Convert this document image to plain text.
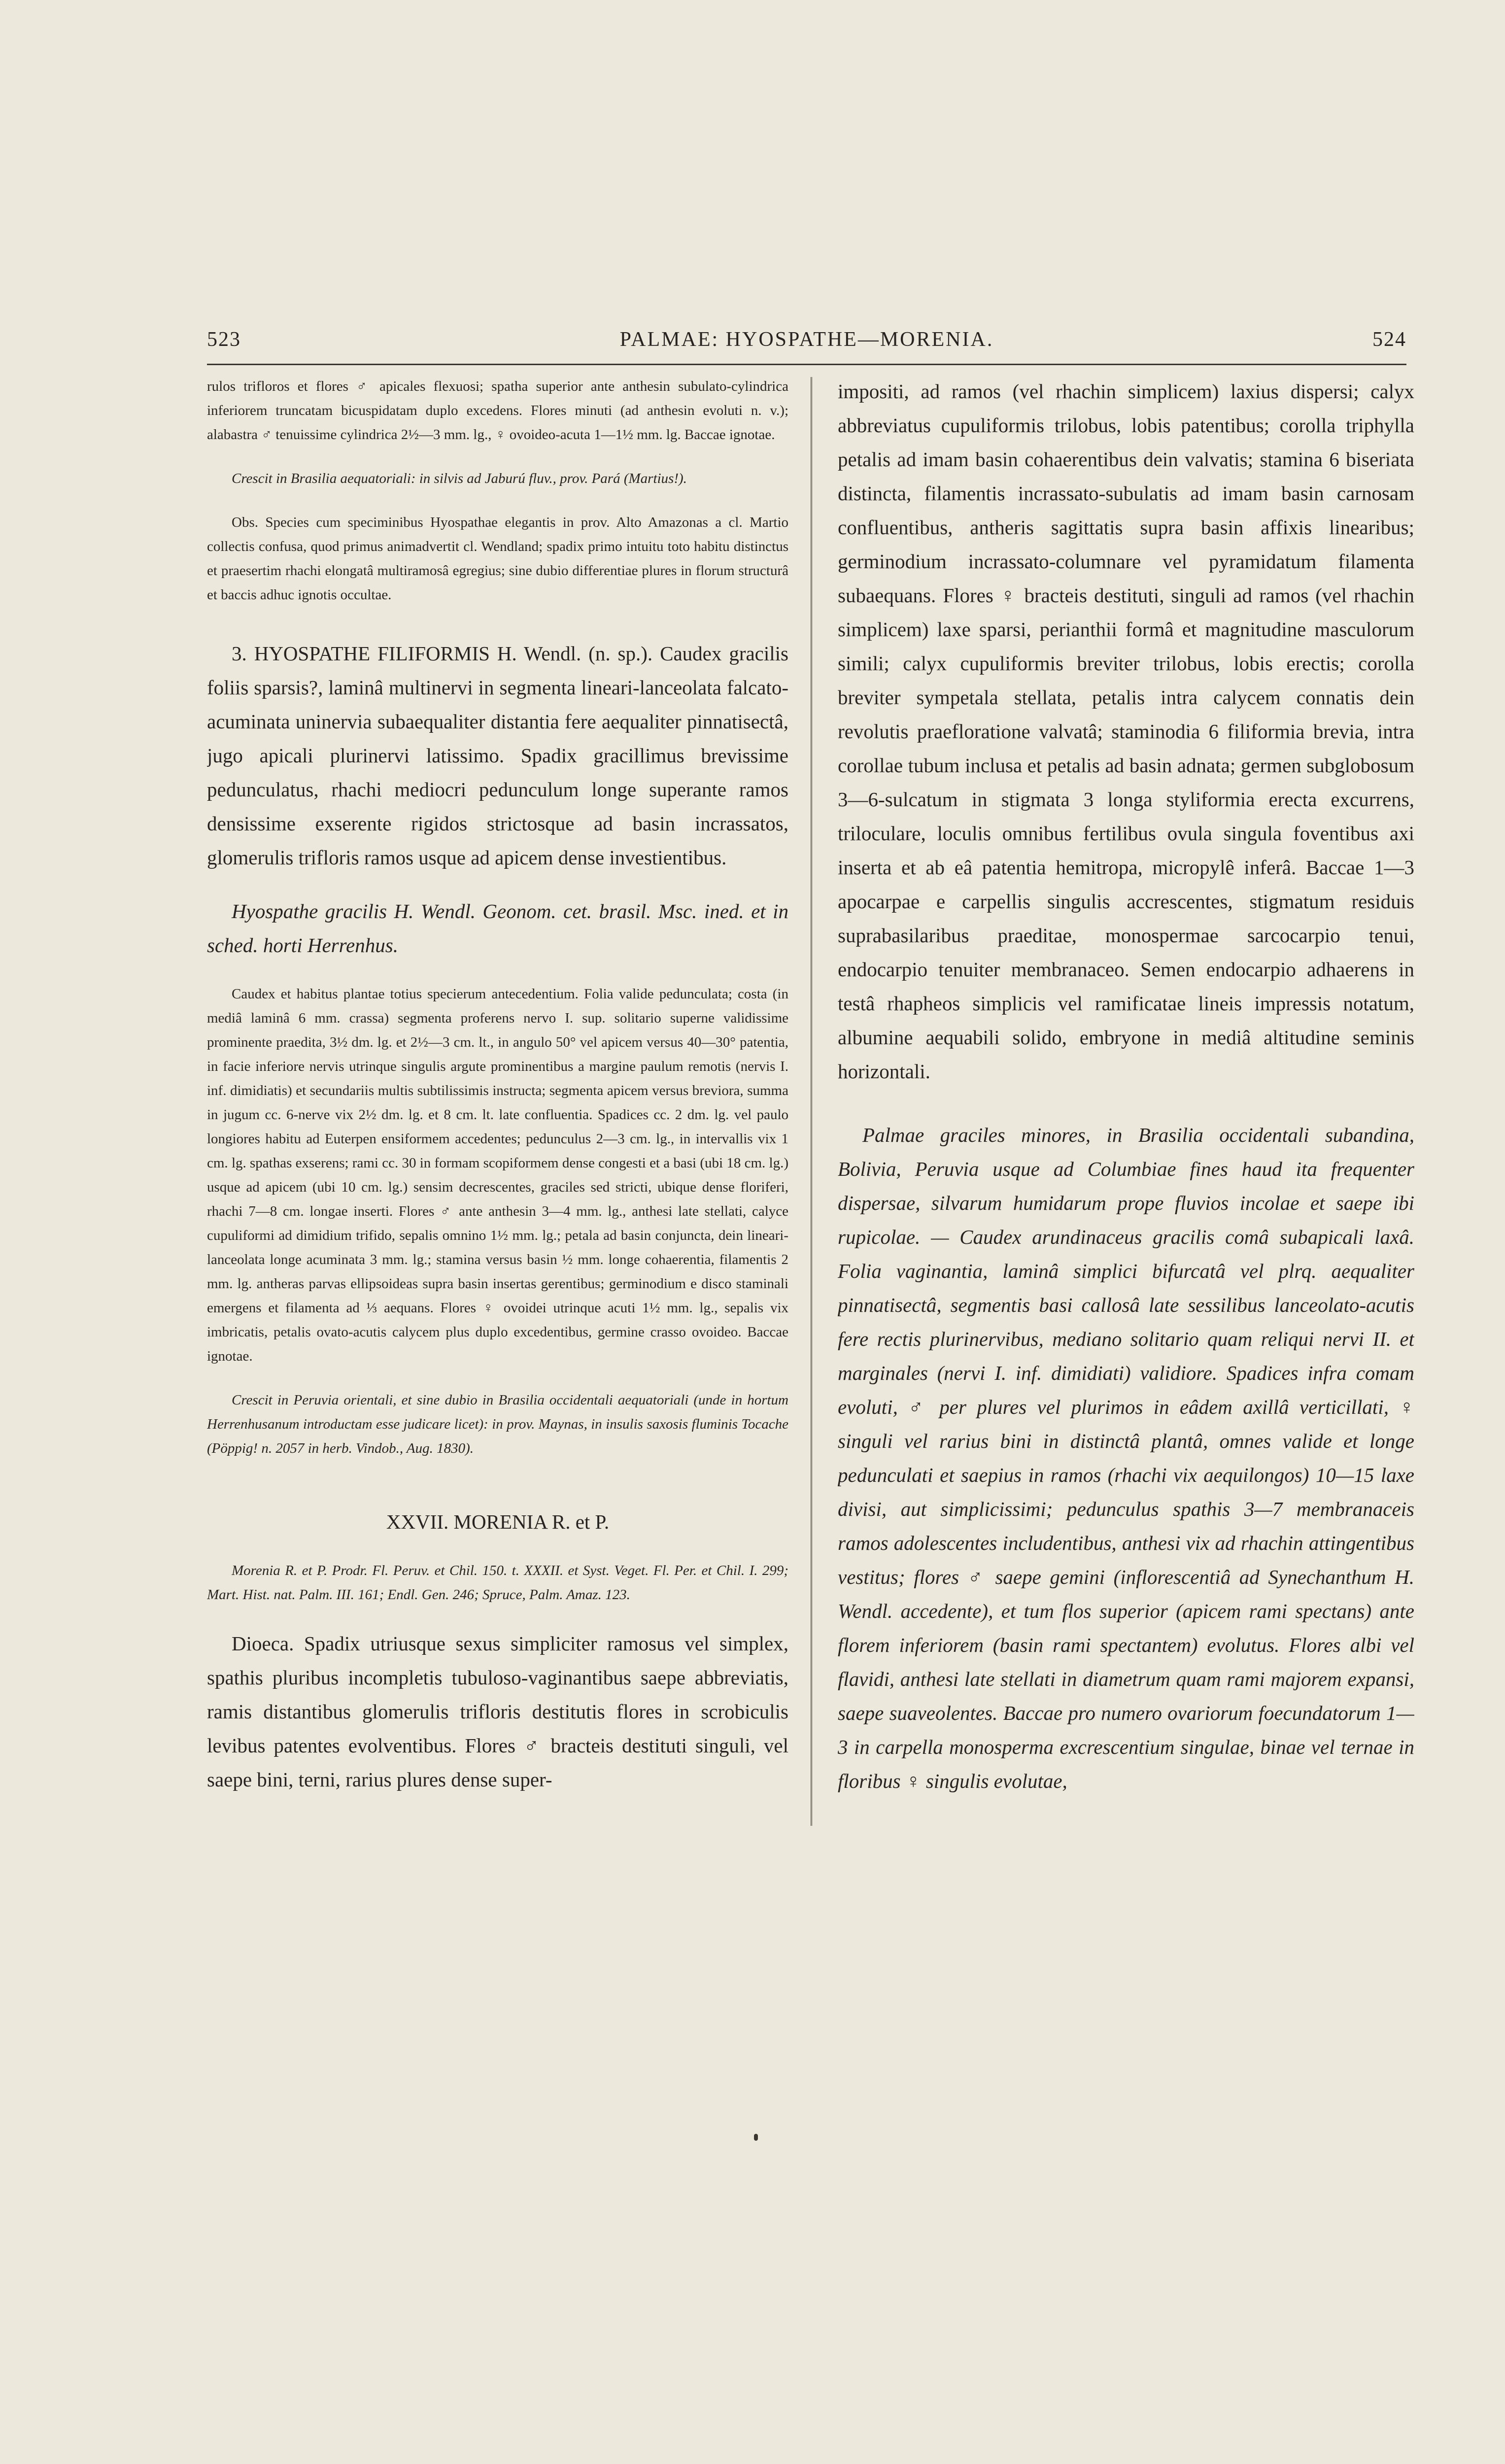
523	PALMAE: HYOSPATHE—MORENIA.	524

rulos trifloros et flores ♂ apicales flexuosi; spatha superior ante anthesin subulato-cylindrica inferiorem truncatam bicuspidatam duplo excedens. Flores minuti (ad anthesin evoluti n. v.); alabastra ♂ tenuissime cylindrica 2½—3 mm. lg., ♀ ovoideo-acuta 1—1½ mm. lg. Baccae ignotae.

Crescit in Brasilia aequatoriali: in silvis ad Jaburú fluv., prov. Pará (Martius!).

Obs. Species cum speciminibus Hyospathae elegantis in prov. Alto Amazonas a cl. Martio collectis confusa, quod primus animadvertit cl. Wendland; spadix primo intuitu toto habitu distinctus et praesertim rhachi elongatâ multiramosâ egregius; sine dubio differentiae plures in florum structurâ et baccis adhuc ignotis occultae.

3. HYOSPATHE FILIFORMIS H. Wendl. (n. sp.). Caudex gracilis foliis sparsis?, laminâ multinervi in segmenta lineari-lanceolata falcato-acuminata uninervia subaequaliter distantia fere aequaliter pinnatisectâ, jugo apicali plurinervi latissimo. Spadix gracillimus brevissime pedunculatus, rhachi mediocri pedunculum longe superante ramos densissime exserente rigidos strictosque ad basin incrassatos, glomerulis trifloris ramos usque ad apicem dense investientibus.

Hyospathe gracilis H. Wendl. Geonom. cet. brasil. Msc. ined. et in sched. horti Herrenhus.

Caudex et habitus plantae totius specierum antecedentium. Folia valide pedunculata; costa (in mediâ laminâ 6 mm. crassa) segmenta proferens nervo I. sup. solitario superne validissime prominente praedita, 3½ dm. lg. et 2½—3 cm. lt., in angulo 50° vel apicem versus 40—30° patentia, in facie inferiore nervis utrinque singulis argute prominentibus a margine paulum remotis (nervis I. inf. dimidiatis) et secundariis multis subtilissimis instructa; segmenta apicem versus breviora, summa in jugum cc. 6-nerve vix 2½ dm. lg. et 8 cm. lt. late confluentia. Spadices cc. 2 dm. lg. vel paulo longiores habitu ad Euterpen ensiformem accedentes; pedunculus 2—3 cm. lg., in intervallis vix 1 cm. lg. spathas exserens; rami cc. 30 in formam scopiformem dense congesti et a basi (ubi 18 cm. lg.) usque ad apicem (ubi 10 cm. lg.) sensim decrescentes, graciles sed stricti, ubique dense floriferi, rhachi 7—8 cm. longae inserti. Flores ♂ ante anthesin 3—4 mm. lg., anthesi late stellati, calyce cupuliformi ad dimidium trifido, sepalis omnino 1½ mm. lg.; petala ad basin conjuncta, dein lineari-lanceolata longe acuminata 3 mm. lg.; stamina versus basin ½ mm. longe cohaerentia, filamentis 2 mm. lg. antheras parvas ellipsoideas supra basin insertas gerentibus; germinodium e disco staminali emergens et filamenta ad ⅓ aequans. Flores ♀ ovoidei utrinque acuti 1½ mm. lg., sepalis vix imbricatis, petalis ovato-acutis calycem plus duplo excedentibus, germine crasso ovoideo. Baccae ignotae.

Crescit in Peruvia orientali, et sine dubio in Brasilia occidentali aequatoriali (unde in hortum Herrenhusanum introductam esse judicare licet): in prov. Maynas, in insulis saxosis fluminis Tocache (Pöppig! n. 2057 in herb. Vindob., Aug. 1830).

XXVII. MORENIA R. et P.

Morenia R. et P. Prodr. Fl. Peruv. et Chil. 150. t. XXXII. et Syst. Veget. Fl. Per. et Chil. I. 299; Mart. Hist. nat. Palm. III. 161; Endl. Gen. 246; Spruce, Palm. Amaz. 123.

Dioeca. Spadix utriusque sexus simpliciter ramosus vel simplex, spathis pluribus incompletis tubuloso-vaginantibus saepe abbreviatis, ramis distantibus glomerulis trifloris destitutis flores in scrobiculis levibus patentes evolventibus. Flores ♂ bracteis destituti singuli, vel saepe bini, terni, rarius plures dense super-

impositi, ad ramos (vel rhachin simplicem) laxius dispersi; calyx abbreviatus cupuliformis trilobus, lobis patentibus; corolla triphylla petalis ad imam basin cohaerentibus dein valvatis; stamina 6 biseriata distincta, filamentis incrassato-subulatis ad imam basin carnosam confluentibus, antheris sagittatis supra basin affixis linearibus; germinodium incrassato-columnare vel pyramidatum filamenta subaequans. Flores ♀ bracteis destituti, singuli ad ramos (vel rhachin simplicem) laxe sparsi, perianthii formâ et magnitudine masculorum simili; calyx cupuliformis breviter trilobus, lobis erectis; corolla breviter sympetala stellata, petalis intra calycem connatis dein revolutis praefloratione valvatâ; staminodia 6 filiformia brevia, intra corollae tubum inclusa et petalis ad basin adnata; germen subglobosum 3—6-sulcatum in stigmata 3 longa styliformia erecta excurrens, triloculare, loculis omnibus fertilibus ovula singula foventibus axi inserta et ab eâ patentia hemitropa, micropylê inferâ. Baccae 1—3 apocarpae e carpellis singulis accrescentes, stigmatum residuis suprabasilaribus praeditae, monospermae sarcocarpio tenui, endocarpio tenuiter membranaceo. Semen endocarpio adhaerens in testâ rhapheos simplicis vel ramificatae lineis impressis notatum, albumine aequabili solido, embryone in mediâ altitudine seminis horizontali.

Palmae graciles minores, in Brasilia occidentali subandina, Bolivia, Peruvia usque ad Columbiae fines haud ita frequenter dispersae, silvarum humidarum prope fluvios incolae et saepe ibi rupicolae. — Caudex arundinaceus gracilis comâ subapicali laxâ. Folia vaginantia, laminâ simplici bifurcatâ vel plrq. aequaliter pinnatisectâ, segmentis basi callosâ late sessilibus lanceolato-acutis fere rectis plurinervibus, mediano solitario quam reliqui nervi II. et marginales (nervi I. inf. dimidiati) validiore. Spadices infra comam evoluti, ♂ per plures vel plurimos in eâdem axillâ verticillati, ♀ singuli vel rarius bini in distinctâ plantâ, omnes valide et longe pedunculati et saepius in ramos (rhachi vix aequilongos) 10—15 laxe divisi, aut simplicissimi; pedunculus spathis 3—7 membranaceis ramos adolescentes includentibus, anthesi vix ad rhachin attingentibus vestitus; flores ♂ saepe gemini (inflorescentiâ ad Synechanthum H. Wendl. accedente), et tum flos superior (apicem rami spectans) ante florem inferiorem (basin rami spectantem) evolutus. Flores albi vel flavidi, anthesi late stellati in diametrum quam rami majorem expansi, saepe suaveolentes. Baccae pro numero ovariorum foecundatorum 1—3 in carpella monosperma excrescentium singulae, binae vel ternae in floribus ♀ singulis evolutae,
